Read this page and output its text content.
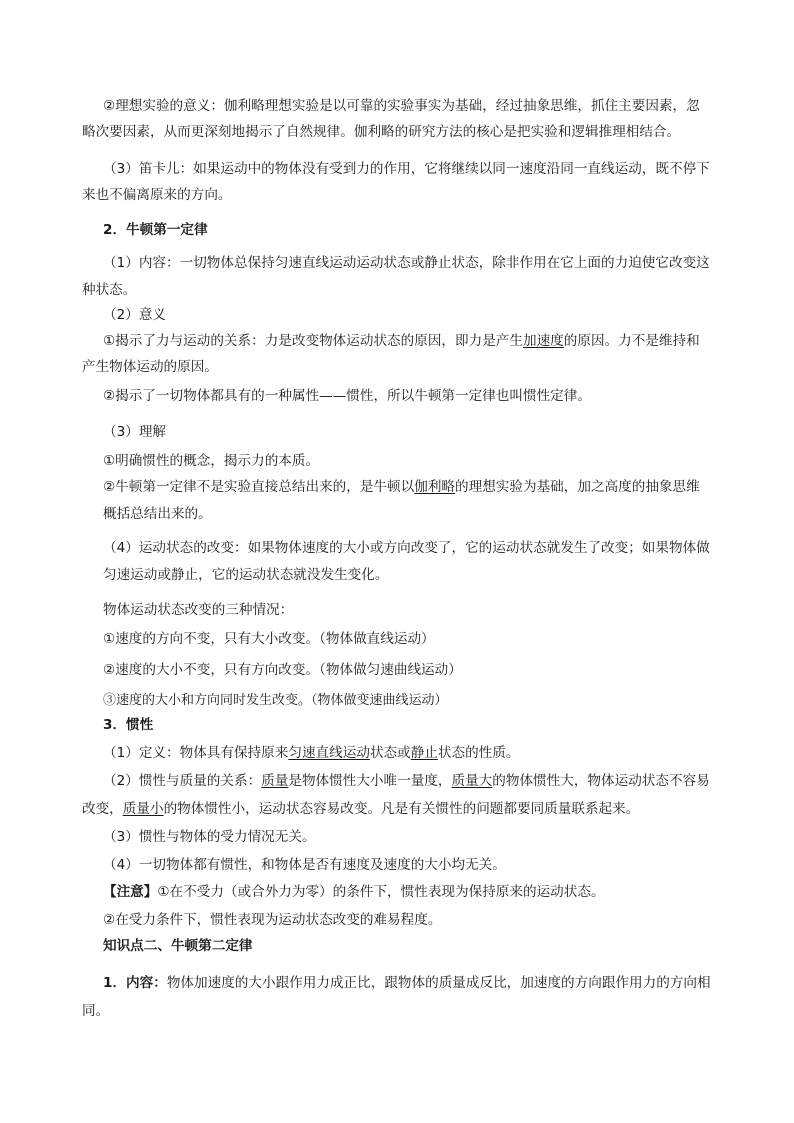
②理想实验的意义：伽利略理想实验是以可靠的实验事实为基础，经过抽象思维，抓住主要因素，忽
略次要因素，从而更深刻地揭示了自然规律。伽利略的研究方法的核心是把实验和逻辑推理相结合。
（3）笛卡儿：如果运动中的物体没有受到力的作用，它将继续以同一速度沿同一直线运动，既不停下
来也不偏离原来的方向。
2．牛顿第一定律
（1）内容：一切物体总保持匀速直线运动运动状态或静止状态，除非作用在它上面的力迫使它改变这
种状态。
（2）意义
①揭示了力与运动的关系：力是改变物体运动状态的原因，即力是产生加速度的原因。力不是维持和
产生物体运动的原因。
②揭示了一切物体都具有的一种属性——惯性，所以牛顿第一定律也叫惯性定律。
（3）理解
①明确惯性的概念，揭示力的本质。
②牛顿第一定律不是实验直接总结出来的，是牛顿以伽利略的理想实验为基础，加之高度的抽象思维
概括总结出来的。
（4）运动状态的改变：如果物体速度的大小或方向改变了，它的运动状态就发生了改变；如果物体做
匀速运动或静止，它的运动状态就没发生变化。
物体运动状态改变的三种情况：
①速度的方向不变，只有大小改变。（物体做直线运动）
②速度的大小不变，只有方向改变。（物体做匀速曲线运动）
③速度的大小和方向同时发生改变。（物体做变速曲线运动）
3．惯性
（1）定义：物体具有保持原来匀速直线运动状态或静止状态的性质。
（2）惯性与质量的关系：质量是物体惯性大小唯一量度，质量大的物体惯性大，物体运动状态不容易
改变，质量小的物体惯性小，运动状态容易改变。凡是有关惯性的问题都要同质量联系起来。
（3）惯性与物体的受力情况无关。
（4）一切物体都有惯性，和物体是否有速度及速度的大小均无关。
【注意】①在不受力（或合外力为零）的条件下，惯性表现为保持原来的运动状态。
②在受力条件下，惯性表现为运动状态改变的难易程度。
知识点二、牛顿第二定律
1．内容：物体加速度的大小跟作用力成正比，跟物体的质量成反比，加速度的方向跟作用力的方向相
同。
